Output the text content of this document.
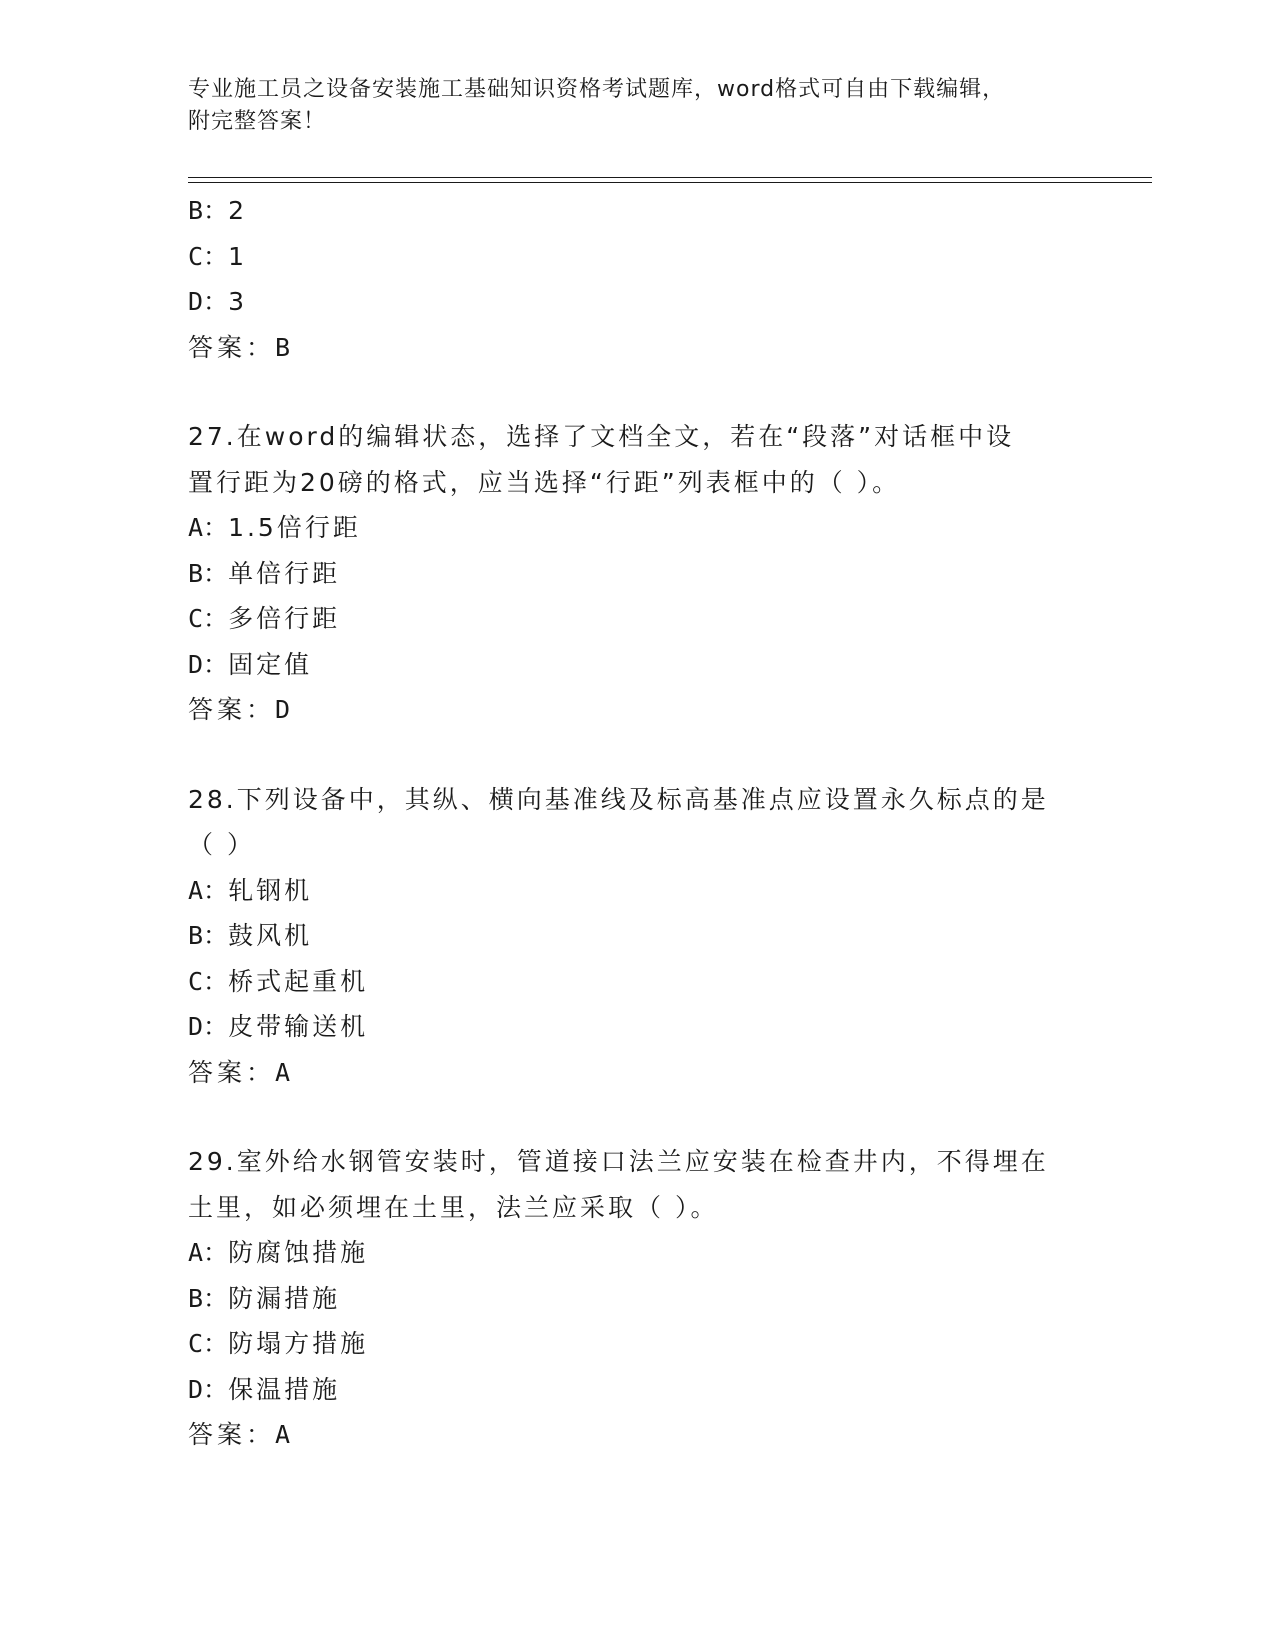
专业施工员之设备安装施工基础知识资格考试题库，word格式可自由下载编辑，
附完整答案！
B：2
C：1
D：3
答案：B
27.在word的编辑状态，选择了文档全文，若在“段落”对话框中设
置行距为20磅的格式，应当选择“行距”列表框中的（ ）。
A：1.5倍行距
B：单倍行距
C：多倍行距
D：固定值
答案：D
28.下列设备中，其纵、横向基准线及标高基准点应设置永久标点的是
（ ）
A：轧钢机
B：鼓风机
C：桥式起重机
D：皮带输送机
答案：A
29.室外给水钢管安装时，管道接口法兰应安装在检查井内，不得埋在
土里，如必须埋在土里，法兰应采取（ ）。
A：防腐蚀措施
B：防漏措施
C：防塌方措施
D：保温措施
答案：A
